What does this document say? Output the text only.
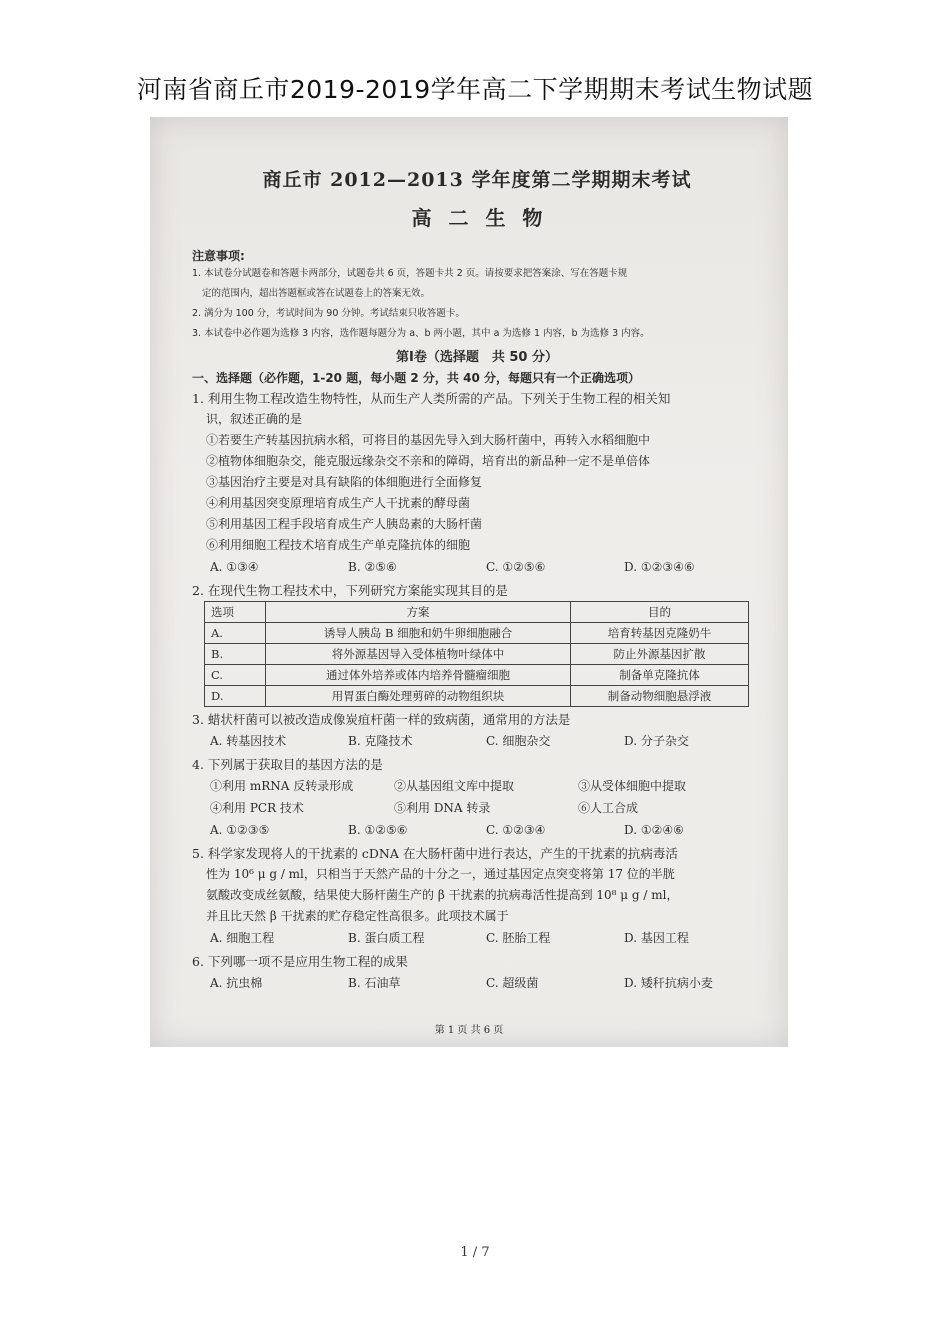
河南省商丘市2019-2019学年高二下学期期末考试生物试题
商丘市 2012—2013 学年度第二学期期末考试
高 二 生 物
注意事项:
1. 本试卷分试题卷和答题卡两部分，试题卷共 6 页，答题卡共 2 页。请按要求把答案涂、写在答题卡规
定的范围内，超出答题框或答在试题卷上的答案无效。
2. 满分为 100 分，考试时间为 90 分钟。考试结束只收答题卡。
3. 本试卷中必作题为选修 3 内容，选作题每题分为 a、b 两小题，其中 a 为选修 1 内容，b 为选修 3 内容。
第Ⅰ卷（选择题　共 50 分）
一、选择题（必作题，1-20 题，每小题 2 分，共 40 分，每题只有一个正确选项）
1. 利用生物工程改造生物特性，从而生产人类所需的产品。下列关于生物工程的相关知
识，叙述正确的是
①若要生产转基因抗病水稻，可将目的基因先导入到大肠杆菌中，再转入水稻细胞中
②植物体细胞杂交，能克服远缘杂交不亲和的障碍，培育出的新品种一定不是单倍体
③基因治疗主要是对具有缺陷的体细胞进行全面修复
④利用基因突变原理培育成生产人干扰素的酵母菌
⑤利用基因工程手段培育成生产人胰岛素的大肠杆菌
⑥利用细胞工程技术培育成生产单克隆抗体的细胞
A. ①③④	B. ②⑤⑥	C. ①②⑤⑥	D. ①②③④⑥
2. 在现代生物工程技术中，下列研究方案能实现其目的是
选项	方案	目的
A.	诱导人胰岛 B 细胞和奶牛卵细胞融合	培育转基因克隆奶牛
B.	将外源基因导入受体植物叶绿体中	防止外源基因扩散
C.	通过体外培养或体内培养骨髓瘤细胞	制备单克隆抗体
D.	用胃蛋白酶处理剪碎的动物组织块	制备动物细胞悬浮液
3. 蜡状杆菌可以被改造成像炭疽杆菌一样的致病菌，通常用的方法是
A. 转基因技术	B. 克隆技术	C. 细胞杂交	D. 分子杂交
4. 下列属于获取目的基因方法的是
①利用 mRNA 反转录形成	②从基因组文库中提取	③从受体细胞中提取
④利用 PCR 技术	⑤利用 DNA 转录	⑥人工合成
A. ①②③⑤	B. ①②⑤⑥	C. ①②③④	D. ①②④⑥
5. 科学家发现将人的干扰素的 cDNA 在大肠杆菌中进行表达，产生的干扰素的抗病毒活
性为 10⁶ μ g / ml，只相当于天然产品的十分之一，通过基因定点突变将第 17 位的半胱
氨酸改变成丝氨酸，结果使大肠杆菌生产的 β 干扰素的抗病毒活性提高到 10⁸ μ g / ml，
并且比天然 β 干扰素的贮存稳定性高很多。此项技术属于
A. 细胞工程	B. 蛋白质工程	C. 胚胎工程	D. 基因工程
6. 下列哪一项不是应用生物工程的成果
A. 抗虫棉	B. 石油草	C. 超级菌	D. 矮秆抗病小麦
第 1 页 共 6 页
1 / 7
